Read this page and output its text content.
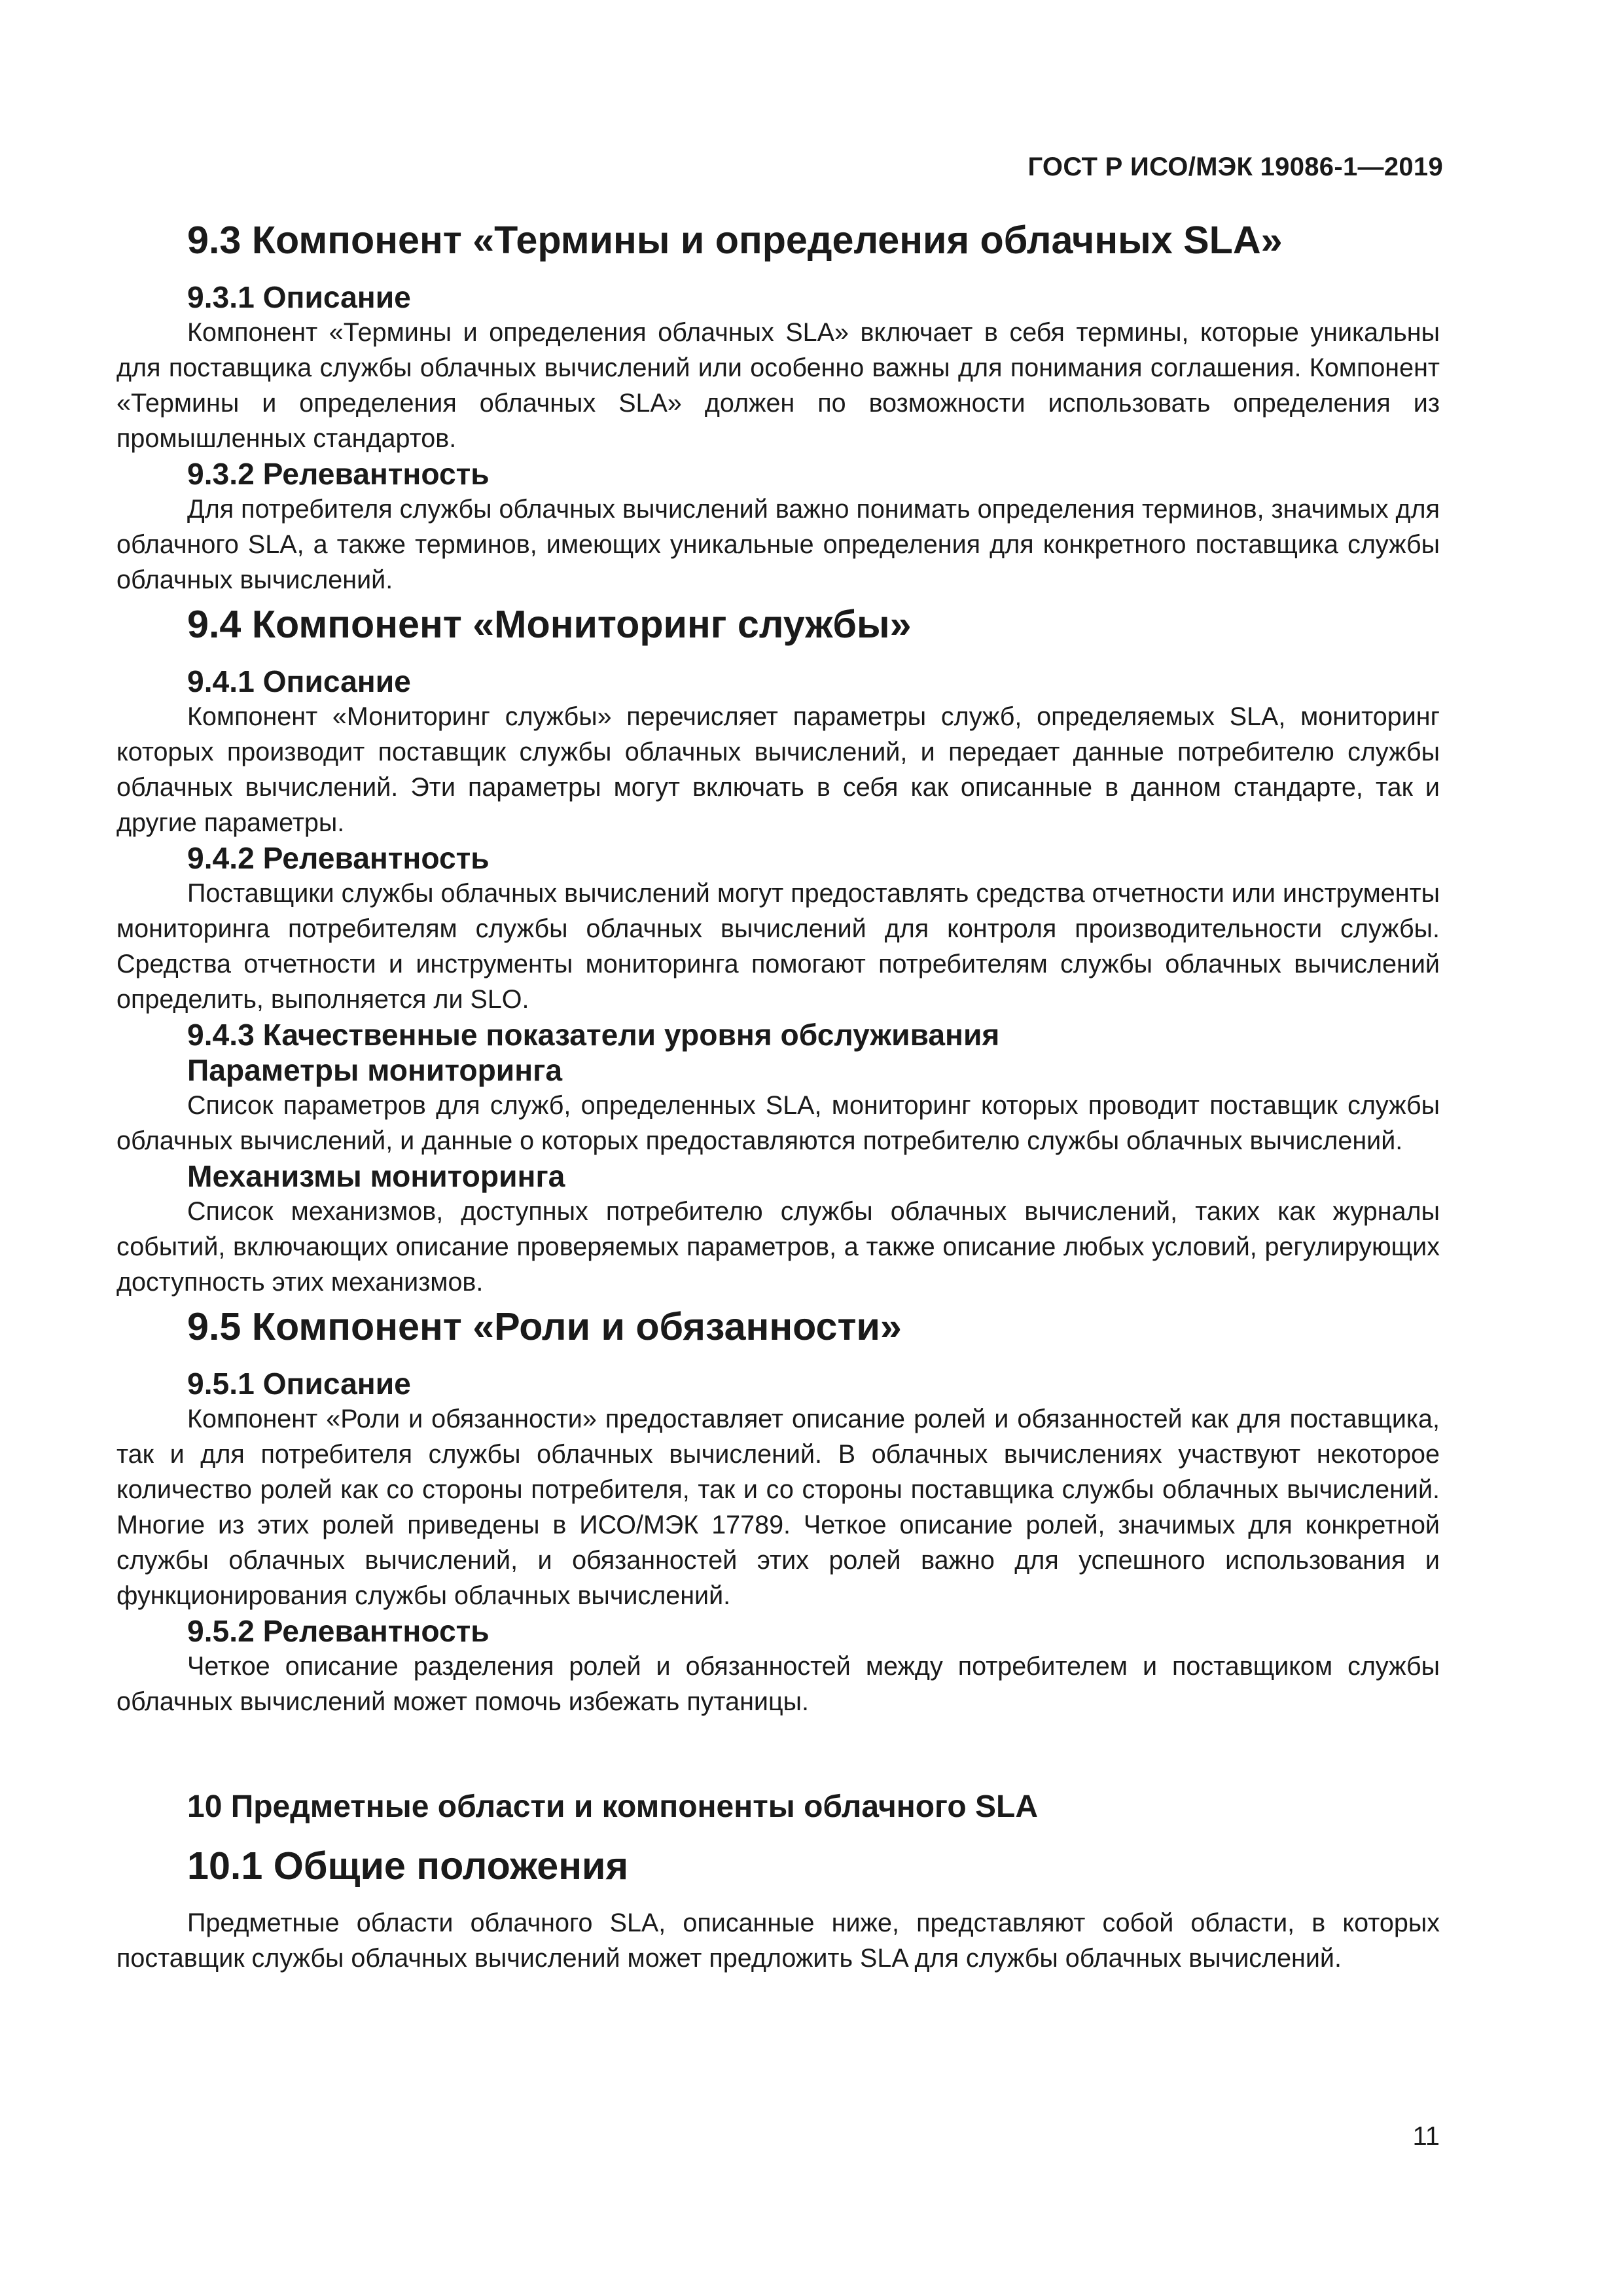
ГОСТ Р ИСО/МЭК 19086-1—2019
9.3 Компонент «Термины и определения облачных SLA»
9.3.1 Описание

Компонент «Термины и определения облачных SLA» включает в себя термины, которые уникальны для поставщика службы облачных вычислений или особенно важны для понимания соглашения. Компонент «Термины и определения облачных SLA» должен по возможности использовать определения из промышленных стандартов.

9.3.2 Релевантность

Для потребителя службы облачных вычислений важно понимать определения терминов, значимых для облачного SLA, а также терминов, имеющих уникальные определения для конкретного поставщика службы облачных вычислений.

9.4 Компонент «Мониторинг службы»
9.4.1 Описание

Компонент «Мониторинг службы» перечисляет параметры служб, определяемых SLA, мониторинг которых производит поставщик службы облачных вычислений, и передает данные потребителю службы облачных вычислений. Эти параметры могут включать в себя как описанные в данном стандарте, так и другие параметры.

9.4.2 Релевантность

Поставщики службы облачных вычислений могут предоставлять средства отчетности или инструменты мониторинга потребителям службы облачных вычислений для контроля производительности службы. Средства отчетности и инструменты мониторинга помогают потребителям службы облачных вычислений определить, выполняется ли SLO.

9.4.3 Качественные показатели уровня обслуживания
Параметры мониторинга

Список параметров для служб, определенных SLA, мониторинг которых проводит поставщик службы облачных вычислений, и данные о которых предоставляются потребителю службы облачных вычислений.

Механизмы мониторинга

Список механизмов, доступных потребителю службы облачных вычислений, таких как журналы событий, включающих описание проверяемых параметров, а также описание любых условий, регулирующих доступность этих механизмов.

9.5 Компонент «Роли и обязанности»
9.5.1 Описание

Компонент «Роли и обязанности» предоставляет описание ролей и обязанностей как для поставщика, так и для потребителя службы облачных вычислений. В облачных вычислениях участвуют некоторое количество ролей как со стороны потребителя, так и со стороны поставщика службы облачных вычислений. Многие из этих ролей приведены в ИСО/МЭК 17789. Четкое описание ролей, значимых для конкретной службы облачных вычислений, и обязанностей этих ролей важно для успешного использования и функционирования службы облачных вычислений.

9.5.2 Релевантность

Четкое описание разделения ролей и обязанностей между потребителем и поставщиком службы облачных вычислений может помочь избежать путаницы.

10 Предметные области и компоненты облачного SLA
10.1 Общие положения

Предметные области облачного SLA, описанные ниже, представляют собой области, в которых поставщик службы облачных вычислений может предложить SLA для службы облачных вычислений.

11
